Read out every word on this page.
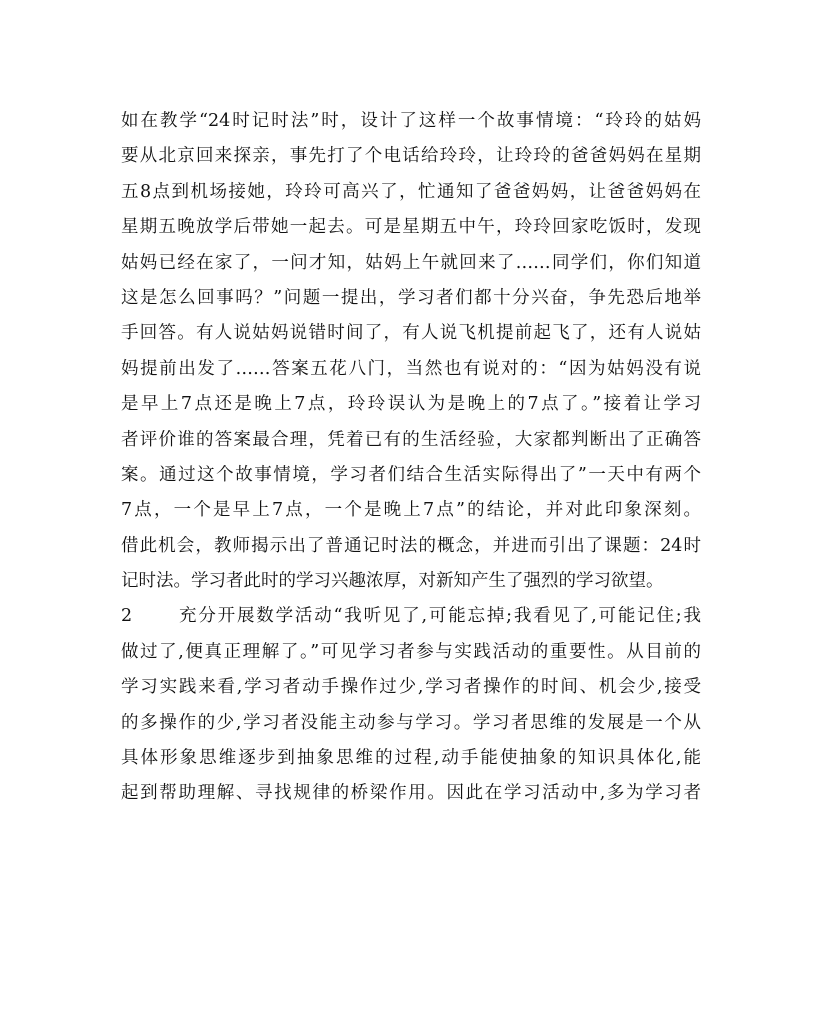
如在教学“24时记时法”时，设计了这样一个故事情境：“玲玲的姑妈
要从北京回来探亲，事先打了个电话给玲玲，让玲玲的爸爸妈妈在星期
五8点到机场接她，玲玲可高兴了，忙通知了爸爸妈妈，让爸爸妈妈在
星期五晚放学后带她一起去。可是星期五中午，玲玲回家吃饭时，发现
姑妈已经在家了，一问才知，姑妈上午就回来了……同学们，你们知道
这是怎么回事吗？”问题一提出，学习者们都十分兴奋，争先恐后地举
手回答。有人说姑妈说错时间了，有人说飞机提前起飞了，还有人说姑
妈提前出发了……答案五花八门，当然也有说对的：“因为姑妈没有说
是早上7点还是晚上7点，玲玲误认为是晚上的7点了。”接着让学习
者评价谁的答案最合理，凭着已有的生活经验，大家都判断出了正确答
案。通过这个故事情境，学习者们结合生活实际得出了”一天中有两个
7点，一个是早上7点，一个是晚上7点”的结论，并对此印象深刻。
借此机会，教师揭示出了普通记时法的概念，并进而引出了课题：24时
记时法。学习者此时的学习兴趣浓厚，对新知产生了强烈的学习欲望。
2	充分开展数学活动“我听见了,可能忘掉;我看见了,可能记住;我
做过了,便真正理解了。”可见学习者参与实践活动的重要性。从目前的
学习实践来看,学习者动手操作过少,学习者操作的时间、机会少,接受
的多操作的少,学习者没能主动参与学习。学习者思维的发展是一个从
具体形象思维逐步到抽象思维的过程,动手能使抽象的知识具体化,能
起到帮助理解、寻找规律的桥梁作用。因此在学习活动中,多为学习者
